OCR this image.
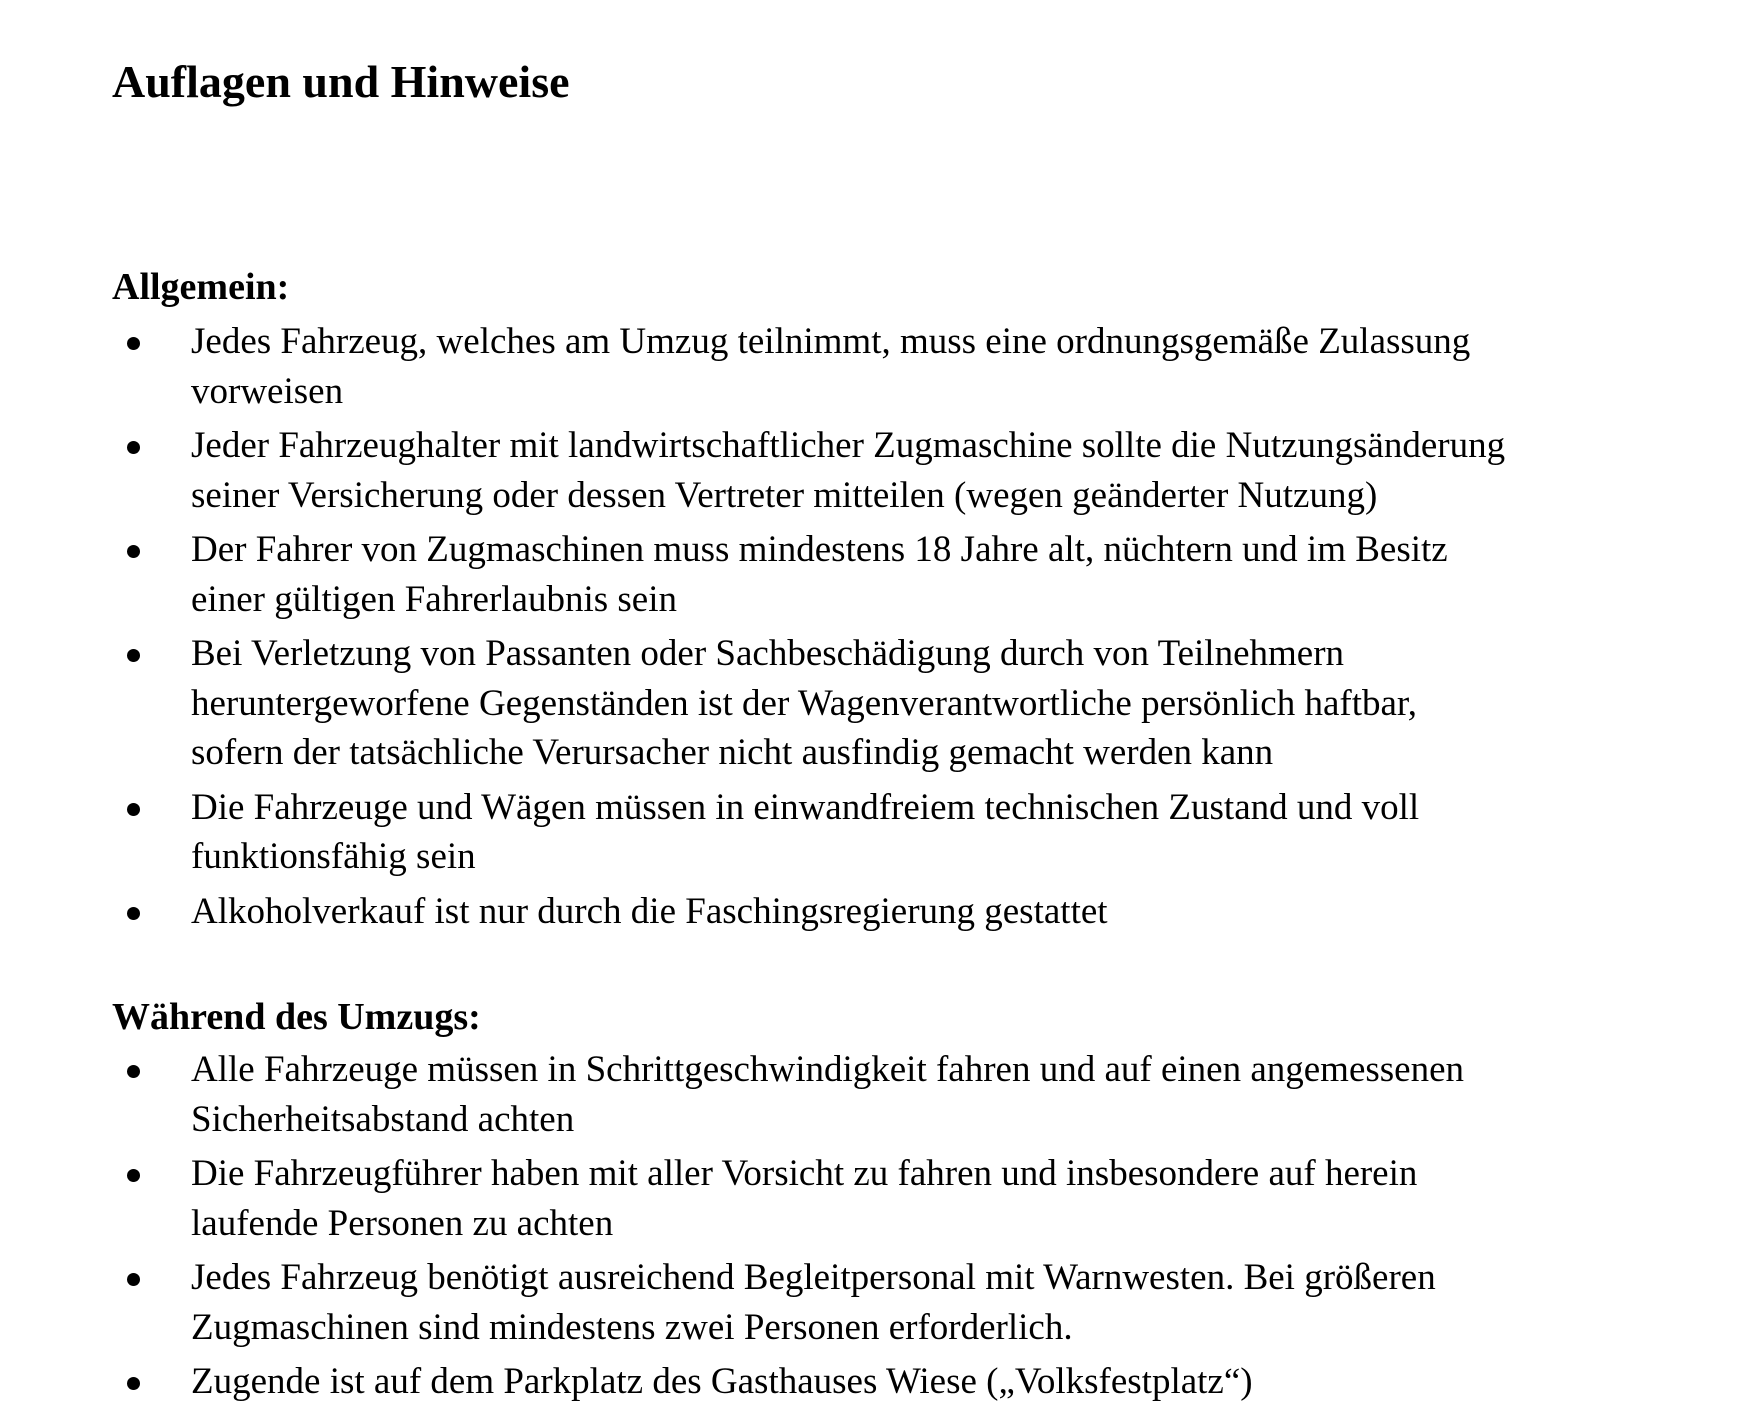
Auflagen und Hinweise
Allgemein:
Jedes Fahrzeug, welches am Umzug teilnimmt, muss eine ordnungsgemäße Zulassung
vorweisen
Jeder Fahrzeughalter mit landwirtschaftlicher Zugmaschine sollte die Nutzungsänderung
seiner Versicherung oder dessen Vertreter mitteilen (wegen geänderter Nutzung)
Der Fahrer von Zugmaschinen muss mindestens 18 Jahre alt, nüchtern und im Besitz
einer gültigen Fahrerlaubnis sein
Bei Verletzung von Passanten oder Sachbeschädigung durch von Teilnehmern
heruntergeworfene Gegenständen ist der Wagenverantwortliche persönlich haftbar,
sofern der tatsächliche Verursacher nicht ausfindig gemacht werden kann
Die Fahrzeuge und Wägen müssen in einwandfreiem technischen Zustand und voll
funktionsfähig sein
Alkoholverkauf ist nur durch die Faschingsregierung gestattet
Während des Umzugs:
Alle Fahrzeuge müssen in Schrittgeschwindigkeit fahren und auf einen angemessenen
Sicherheitsabstand achten
Die Fahrzeugführer haben mit aller Vorsicht zu fahren und insbesondere auf herein
laufende Personen zu achten
Jedes Fahrzeug benötigt ausreichend Begleitpersonal mit Warnwesten. Bei größeren
Zugmaschinen sind mindestens zwei Personen erforderlich.
Zugende ist auf dem Parkplatz des Gasthauses Wiese („Volksfestplatz“)
